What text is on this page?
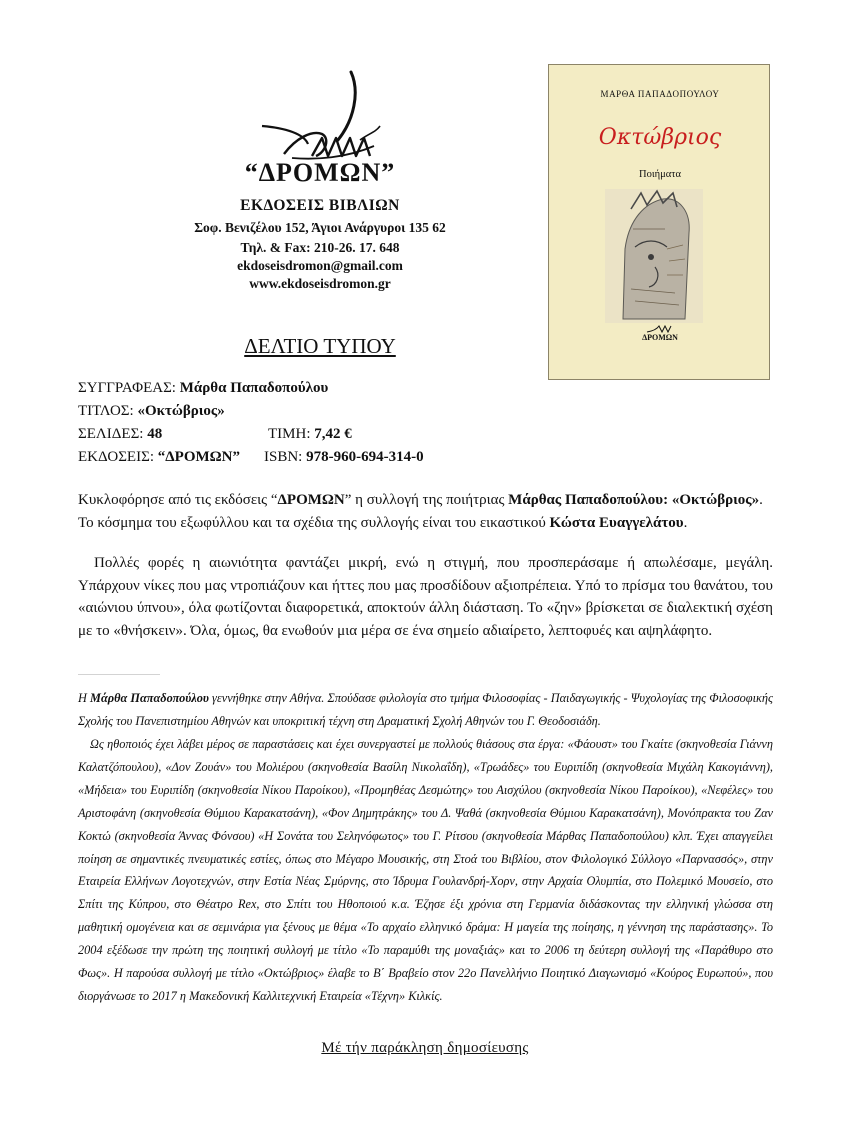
“ΔΡΟΜΩΝ”
ΕΚΔΟΣΕΙΣ ΒΙΒΛΙΩΝ
Σοφ. Βενιζέλου 152, Άγιοι Ανάργυροι 135 62
Τηλ. & Fax: 210-26. 17. 648
ekdoseisdromon@gmail.com
www.ekdoseisdromon.gr
ΜΑΡΘΑ ΠΑΠΑΔΟΠΟΥΛΟΥ
Οκτώβριος
Ποιήματα
ΔΡΟΜΩΝ
ΔΕΛΤΙΟ ΤΥΠΟΥ
ΣΥΓΓΡΑΦΕΑΣ: Μάρθα Παπαδοπούλου
ΤΙΤΛΟΣ: «Οκτώβριος»
ΣΕΛΙΔΕΣ: 48	ΤΙΜΗ: 7,42 €
ΕΚΔΟΣΕΙΣ: “ΔΡΟΜΩΝ” ISBN: 978-960-694-314-0
Κυκλοφόρησε από τις εκδόσεις “ΔΡΟΜΩΝ” η συλλογή της ποιήτριας Μάρθας Παπαδοπούλου: «Οκτώβριος».
Το κόσμημα του εξωφύλλου και τα σχέδια της συλλογής είναι του εικαστικού Κώστα Ευαγγελάτου.
Πολλές φορές η αιωνιότητα φαντάζει μικρή, ενώ η στιγμή, που προσπεράσαμε ή απωλέσαμε, μεγάλη. Υπάρχουν νίκες που μας ντροπιάζουν και ήττες που μας προσδίδουν αξιοπρέπεια. Υπό το πρίσμα του θανάτου, του «αιώνιου ύπνου», όλα φωτίζονται διαφορετικά, αποκτούν άλλη διάσταση. Το «ζην» βρίσκεται σε διαλεκτική σχέση με το «θνήσκειν». Όλα, όμως, θα ενωθούν μια μέρα σε ένα σημείο αδιαίρετο, λεπτοφυές και αψηλάφητο.
Η Μάρθα Παπαδοπούλου γεννήθηκε στην Αθήνα. Σπούδασε φιλολογία στο τμήμα Φιλοσοφίας - Παιδαγωγικής - Ψυχολογίας της Φιλοσοφικής Σχολής του Πανεπιστημίου Αθηνών και υποκριτική τέχνη στη Δραματική Σχολή Αθηνών του Γ. Θεοδοσιάδη.
Ως ηθοποιός έχει λάβει μέρος σε παραστάσεις και έχει συνεργαστεί με πολλούς θιάσους στα έργα: «Φάουστ» του Γκαίτε (σκηνοθεσία Γιάννη Καλατζόπουλου), «Δον Ζουάν» του Μολιέρου (σκηνοθεσία Βασίλη Νικολαΐδη), «Τρωάδες» του Ευριπίδη (σκηνοθεσία Μιχάλη Κακογιάννη), «Μήδεια» του Ευριπίδη (σκηνοθεσία Νίκου Παροίκου), «Προμηθέας Δεσμώτης» του Αισχύλου (σκηνοθεσία Νίκου Παροίκου), «Νεφέλες» του Αριστοφάνη (σκηνοθεσία Θύμιου Καρακατσάνη), «Φον Δημητράκης» του Δ. Ψαθά (σκηνοθεσία Θύμιου Καρακατσάνη), Μονόπρακτα του Ζαν Κοκτώ (σκηνοθεσία Άννας Φόνσου) «Η Σονάτα του Σεληνόφωτος» του Γ. Ρίτσου (σκηνοθεσία Μάρθας Παπαδοπούλου) κλπ. Έχει απαγγείλει ποίηση σε σημαντικές πνευματικές εστίες, όπως στο Μέγαρο Μουσικής, στη Στοά του Βιβλίου, στον Φιλολογικό Σύλλογο «Παρνασσός», στην Εταιρεία Ελλήνων Λογοτεχνών, στην Εστία Νέας Σμύρνης, στο Ίδρυμα Γουλανδρή-Χορν, στην Αρχαία Ολυμπία, στο Πολεμικό Μουσείο, στο Σπίτι της Κύπρου, στο Θέατρο Rex, στο Σπίτι του Ηθοποιού κ.α. Έζησε έξι χρόνια στη Γερμανία διδάσκοντας την ελληνική γλώσσα στη μαθητική ομογένεια και σε σεμινάρια για ξένους με θέμα «Το αρχαίο ελληνικό δράμα: Η μαγεία της ποίησης, η γέννηση της παράστασης». Το 2004 εξέδωσε την πρώτη της ποιητική συλλογή με τίτλο «Το παραμύθι της μοναξιάς» και το 2006 τη δεύτερη συλλογή της «Παράθυρο στο Φως». Η παρούσα συλλογή με τίτλο «Οκτώβριος» έλαβε το Β΄ Βραβείο στον 22ο Πανελλήνιο Ποιητικό Διαγωνισμό «Κούρος Ευρωπού», που διοργάνωσε το 2017 η Μακεδονική Καλλιτεχνική Εταιρεία «Τέχνη» Κιλκίς.
Μέ τήν παράκληση δημοσίευσης
